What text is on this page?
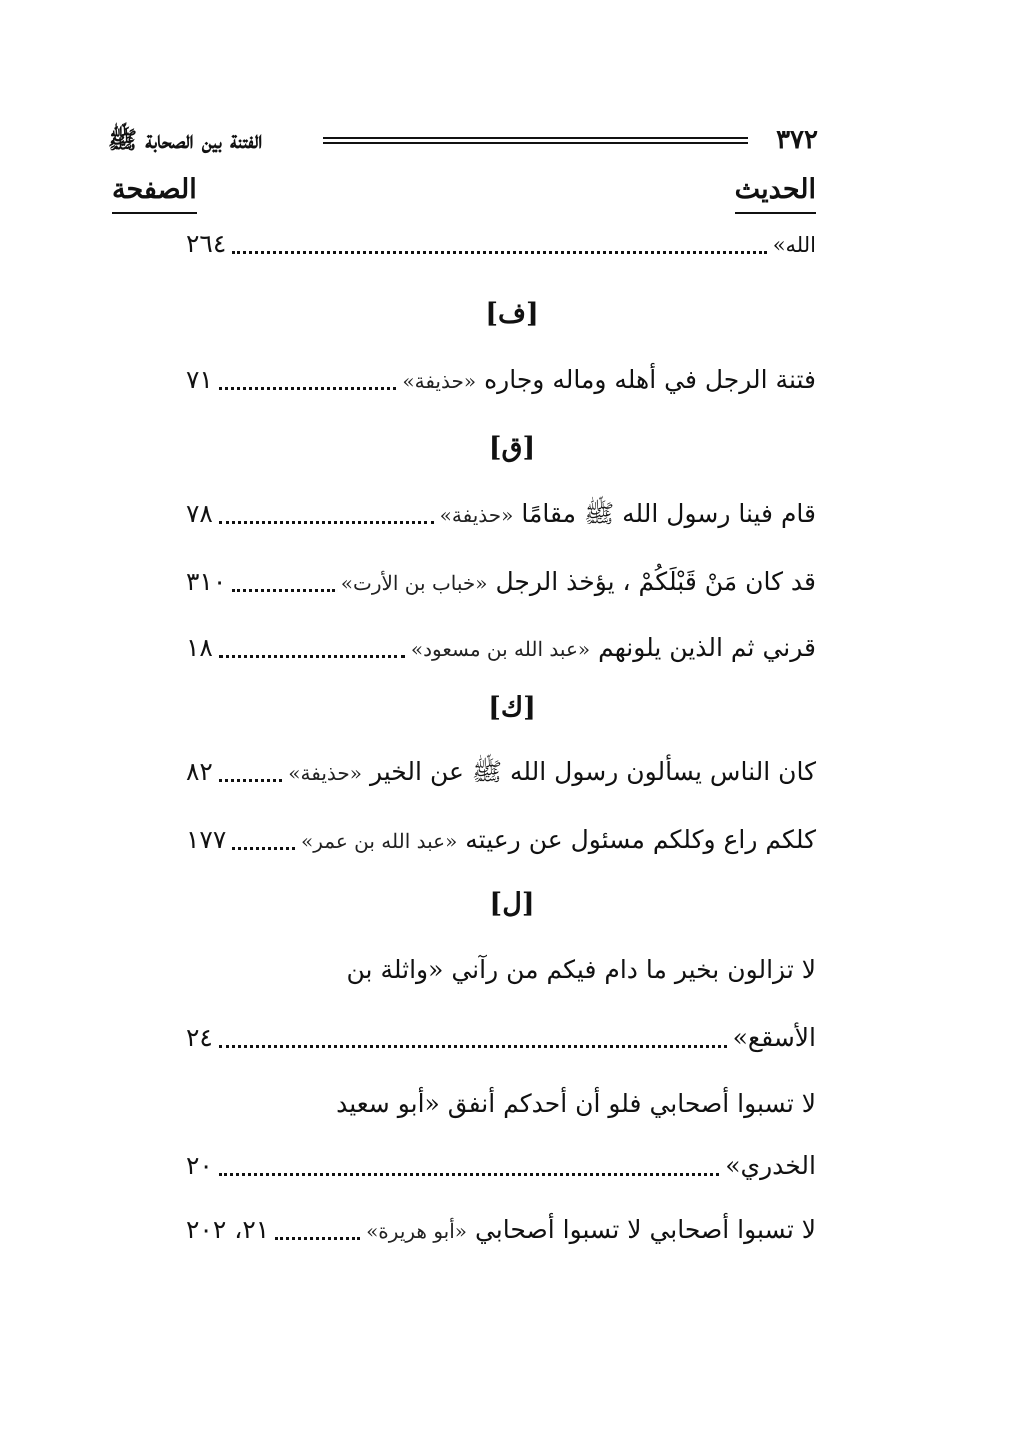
٣٧٢
الفتنة بين الصحابة ﷺ
الحديث
الصفحة
الله»
٢٦٤
[ف]
فتنة الرجل في أهله وماله وجاره

«حذيفة»
٧١
[ق]
قام فينا رسول الله ﷺ مقامًا

«حذيفة»
٧٨
قد كان مَنْ قَبْلَكُمْ ، يؤخذ الرجل

«خباب بن الأرت»
٣١٠
قرني ثم الذين يلونهم

«عبد الله بن مسعود»
١٨
[ك]
كان الناس يسألون رسول الله ﷺ عن الخير

«حذيفة»
٨٢
كلكم راع وكلكم مسئول عن رعيته

«عبد الله بن عمر»
١٧٧
[ل]
لا تزالون بخير ما دام فيكم من رآني «واثلة بن
الأسقع»
٢٤
لا تسبوا أصحابي فلو أن أحدكم أنفق «أبو سعيد
الخدري»
٢٠
لا تسبوا أصحابي لا تسبوا أصحابي

«أبو هريرة»
٢١، ٢٠٢
